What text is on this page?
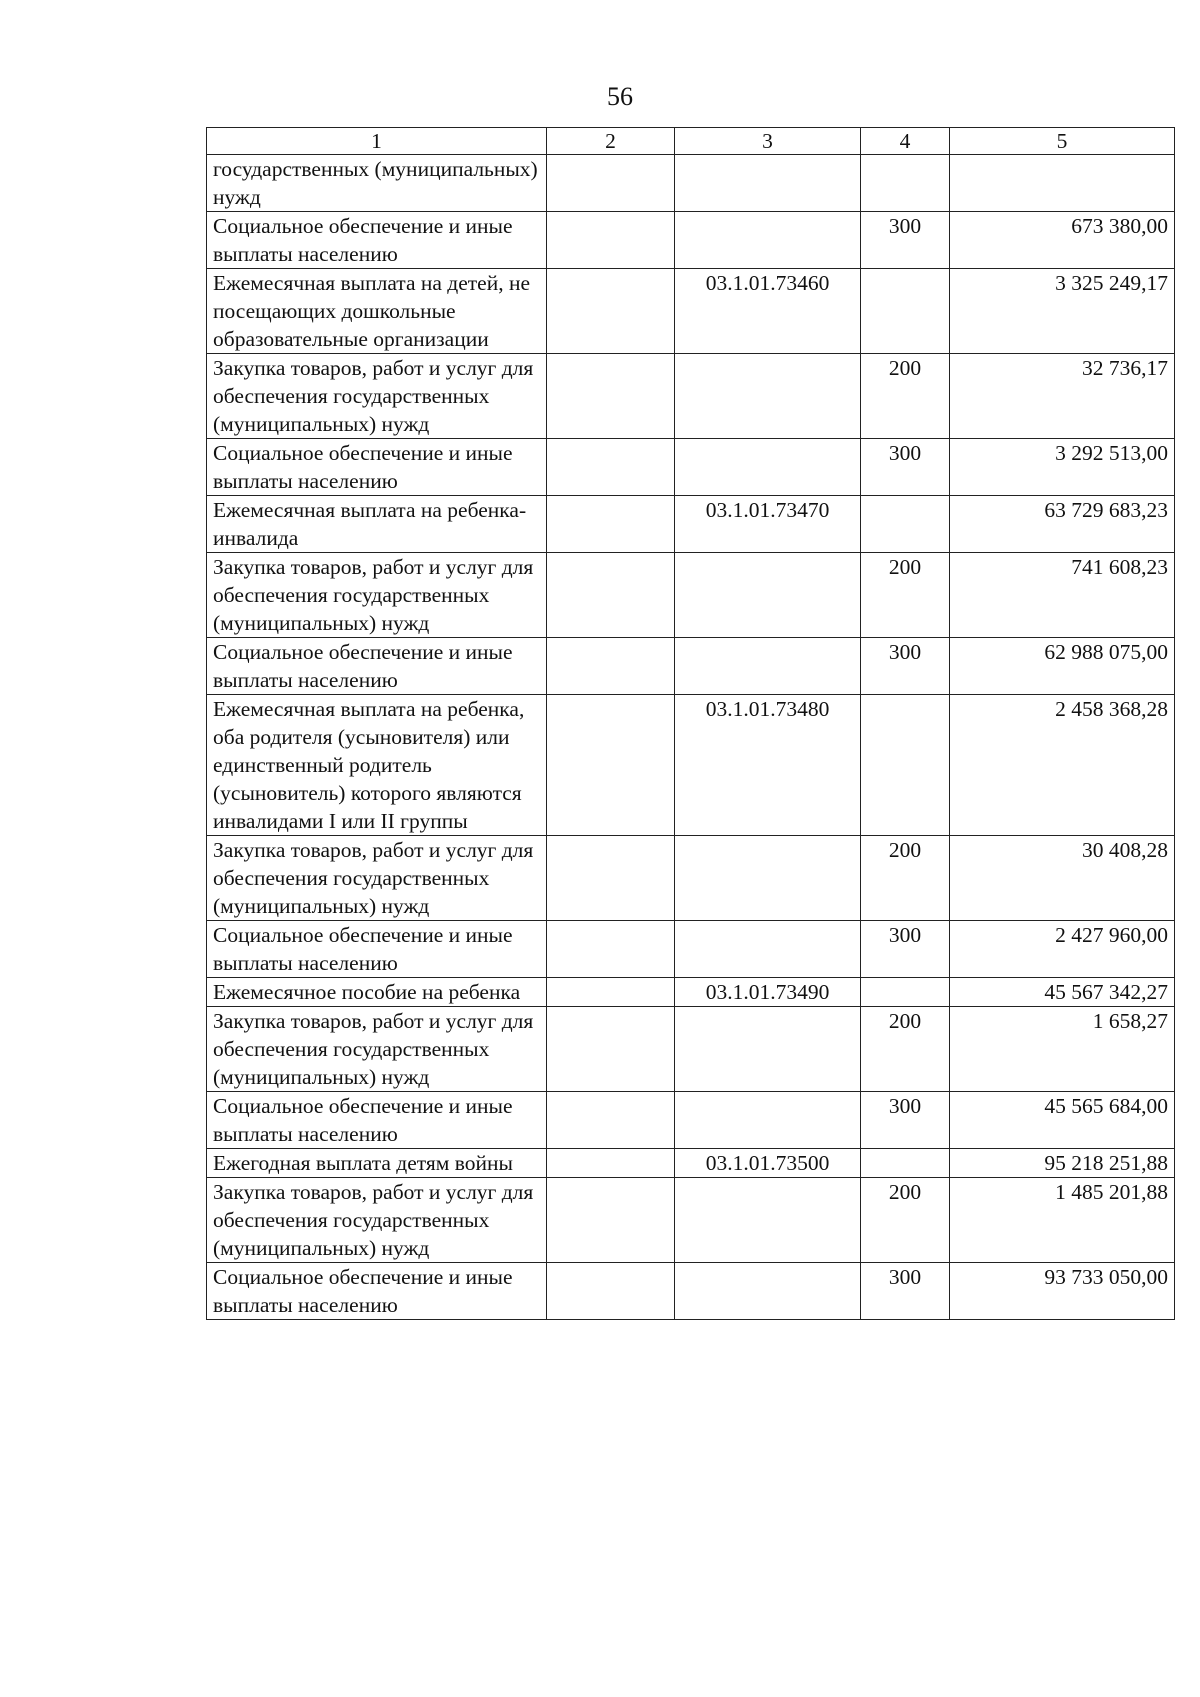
56
1	2	3	4	5
государственных (муниципальных) нужд				
Социальное обеспечение и иные выплаты населению			300	673 380,00
Ежемесячная выплата на детей, не посещающих дошкольные образовательные организации		03.1.01.73460		3 325 249,17
Закупка товаров, работ и услуг для обеспечения государственных (муниципальных) нужд			200	32 736,17
Социальное обеспечение и иные выплаты населению			300	3 292 513,00
Ежемесячная выплата на ребенка-инвалида		03.1.01.73470		63 729 683,23
Закупка товаров, работ и услуг для обеспечения государственных (муниципальных) нужд			200	741 608,23
Социальное обеспечение и иные выплаты населению			300	62 988 075,00
Ежемесячная выплата на ребенка, оба родителя (усыновителя) или единственный родитель (усыновитель) которого являются инвалидами I или II группы		03.1.01.73480		2 458 368,28
Закупка товаров, работ и услуг для обеспечения государственных (муниципальных) нужд			200	30 408,28
Социальное обеспечение и иные выплаты населению			300	2 427 960,00
Ежемесячное пособие на ребенка		03.1.01.73490		45 567 342,27
Закупка товаров, работ и услуг для обеспечения государственных (муниципальных) нужд			200	1 658,27
Социальное обеспечение и иные выплаты населению			300	45 565 684,00
Ежегодная выплата детям войны		03.1.01.73500		95 218 251,88
Закупка товаров, работ и услуг для обеспечения государственных (муниципальных) нужд			200	1 485 201,88
Социальное обеспечение и иные выплаты населению			300	93 733 050,00
